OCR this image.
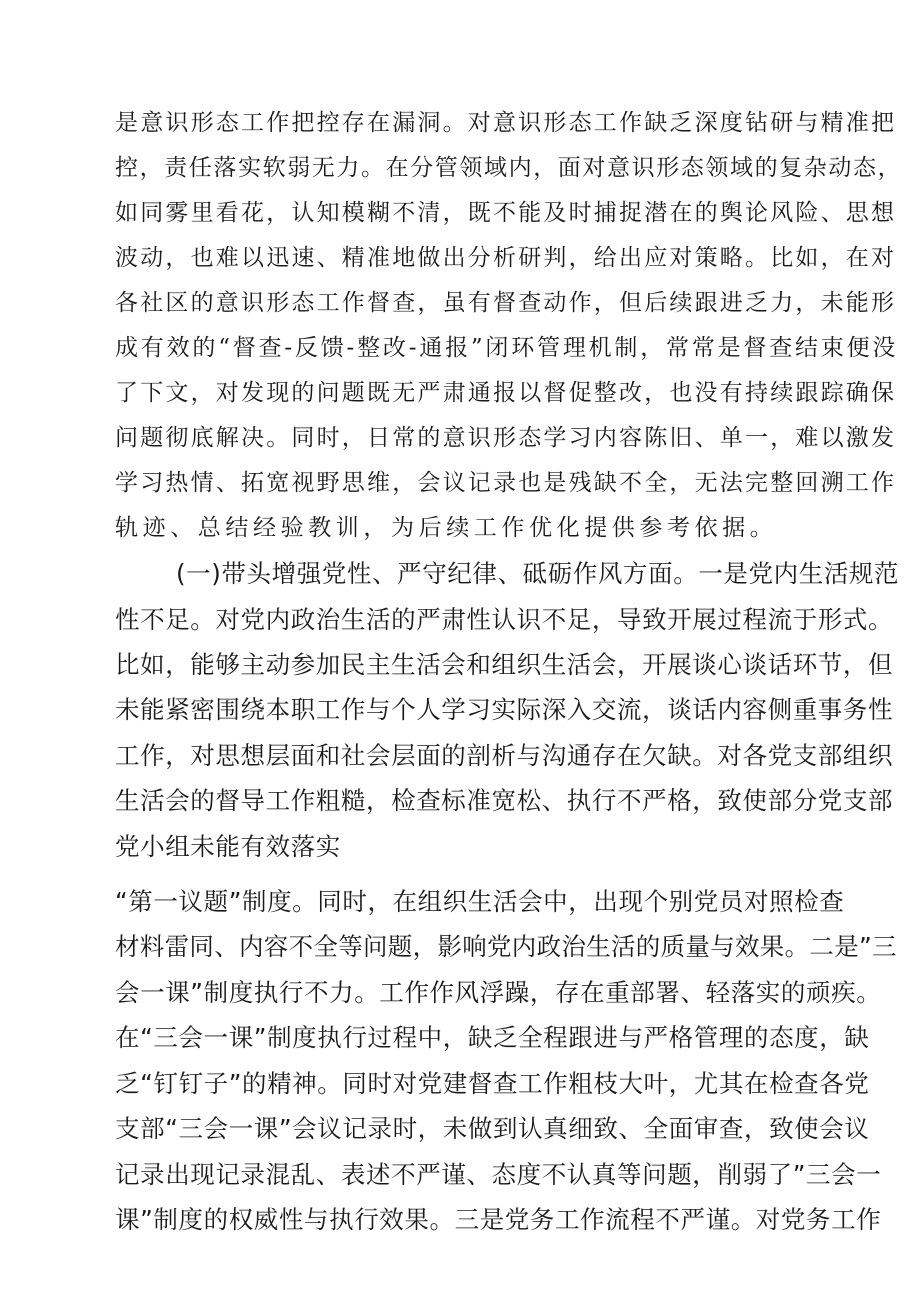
是意识形态工作把控存在漏洞。对意识形态工作缺乏深度钻研与精准把
控，责任落实软弱无力。在分管领域内，面对意识形态领域的复杂动态，
如同雾里看花，认知模糊不清，既不能及时捕捉潜在的舆论风险、思想
波动，也难以迅速、精准地做出分析研判，给出应对策略。比如，在对
各社区的意识形态工作督查，虽有督查动作，但后续跟进乏力，未能形
成有效的“督查-反馈-整改-通报”闭环管理机制，常常是督查结束便没
了下文，对发现的问题既无严肃通报以督促整改，也没有持续跟踪确保
问题彻底解决。同时，日常的意识形态学习内容陈旧、单一，难以激发
学习热情、拓宽视野思维，会议记录也是残缺不全，无法完整回溯工作
轨迹、总结经验教训，为后续工作优化提供参考依据。
(一)带头增强党性、严守纪律、砥砺作风方面。一是党内生活规范
性不足。对党内政治生活的严肃性认识不足，导致开展过程流于形式。
比如，能够主动参加民主生活会和组织生活会，开展谈心谈话环节，但
未能紧密围绕本职工作与个人学习实际深入交流，谈话内容侧重事务性
工作，对思想层面和社会层面的剖析与沟通存在欠缺。对各党支部组织
生活会的督导工作粗糙，检查标准宽松、执行不严格，致使部分党支部
党小组未能有效落实
“第一议题”制度。同时，在组织生活会中，出现个别党员对照检查
材料雷同、内容不全等问题，影响党内政治生活的质量与效果。二是”三
会一课”制度执行不力。工作作风浮躁，存在重部署、轻落实的顽疾。
在“三会一课”制度执行过程中，缺乏全程跟进与严格管理的态度，缺
乏“钉钉子”的精神。同时对党建督查工作粗枝大叶，尤其在检查各党
支部“三会一课”会议记录时，未做到认真细致、全面审查，致使会议
记录出现记录混乱、表述不严谨、态度不认真等问题，削弱了”三会一
课”制度的权威性与执行效果。三是党务工作流程不严谨。对党务工作
